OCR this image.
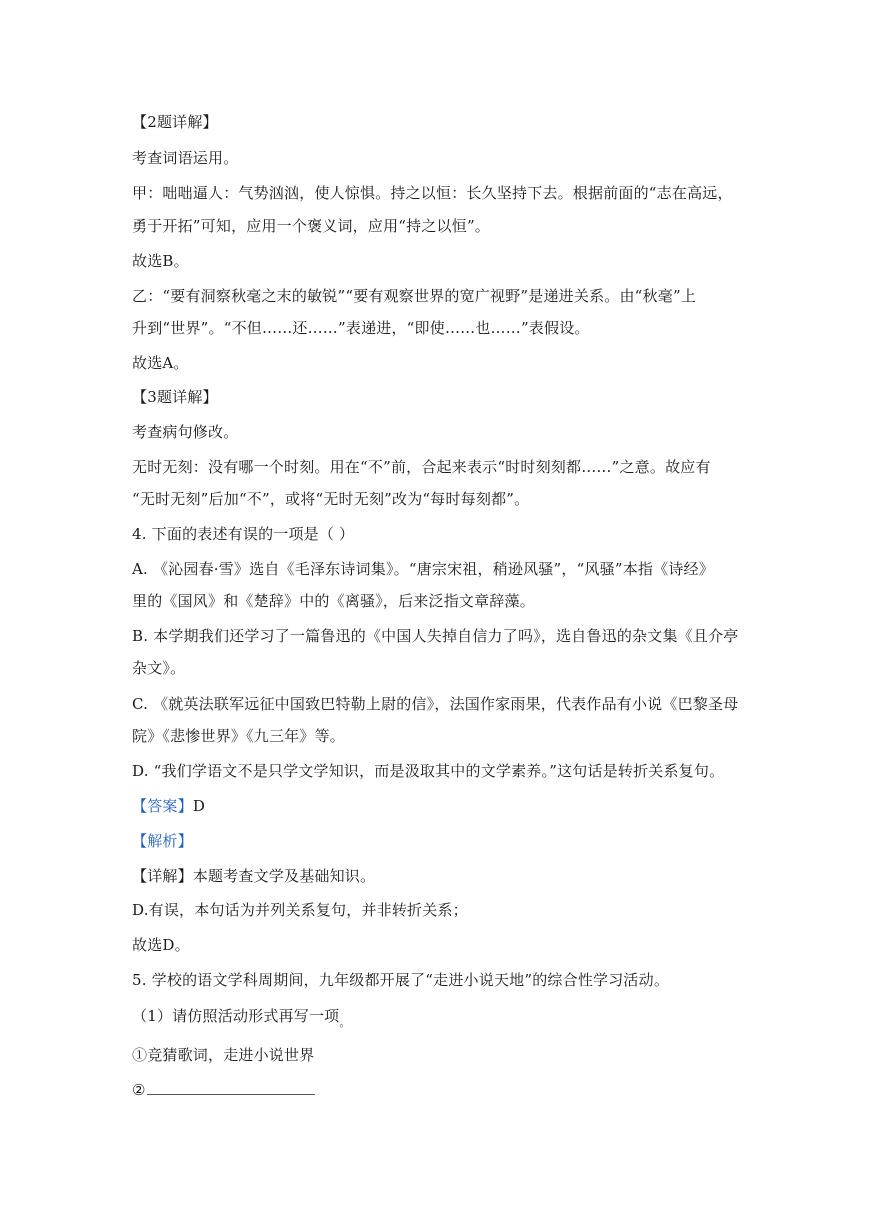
【2题详解】
考查词语运用。
甲：咄咄逼人：气势汹汹，使人惊惧。持之以恒：长久坚持下去。根据前面的“志在高远，
勇于开拓”可知，应用一个褒义词，应用“持之以恒”。
故选B。
乙：“要有洞察秋毫之末的敏锐”“要有观察世界的宽广视野”是递进关系。由“秋毫”上
升到“世界”。“不但……还……”表递进，“即使……也……”表假设。
故选A。
【3题详解】
考查病句修改。
无时无刻：没有哪一个时刻。用在“不”前，合起来表示“时时刻刻都……”之意。故应有
“无时无刻”后加“不”，或将“无时无刻”改为“每时每刻都”。
4. 下面的表述有误的一项是（ ）
A. 《沁园春·雪》选自《毛泽东诗词集》。“唐宗宋祖，稍逊风骚”，“风骚”本指《诗经》
里的《国风》和《楚辞》中的《离骚》，后来泛指文章辞藻。
B. 本学期我们还学习了一篇鲁迅的《中国人失掉自信力了吗》，选自鲁迅的杂文集《且介亭
杂文》。
C. 《就英法联军远征中国致巴特勒上尉的信》，法国作家雨果，代表作品有小说《巴黎圣母
院》《悲惨世界》《九三年》等。
D. “我们学语文不是只学文学知识，而是汲取其中的文学素养。”这句话是转折关系复句。
【答案】D
【解析】
【详解】本题考查文学及基础知识。
D.有误，本句话为并列关系复句，并非转折关系；
故选D。
5. 学校的语文学科周期间，九年级都开展了“走进小说天地”的综合性学习活动。
（1）请仿照活动形式再写一项$_。$
①竞猜歌词，走进小说世界
②
